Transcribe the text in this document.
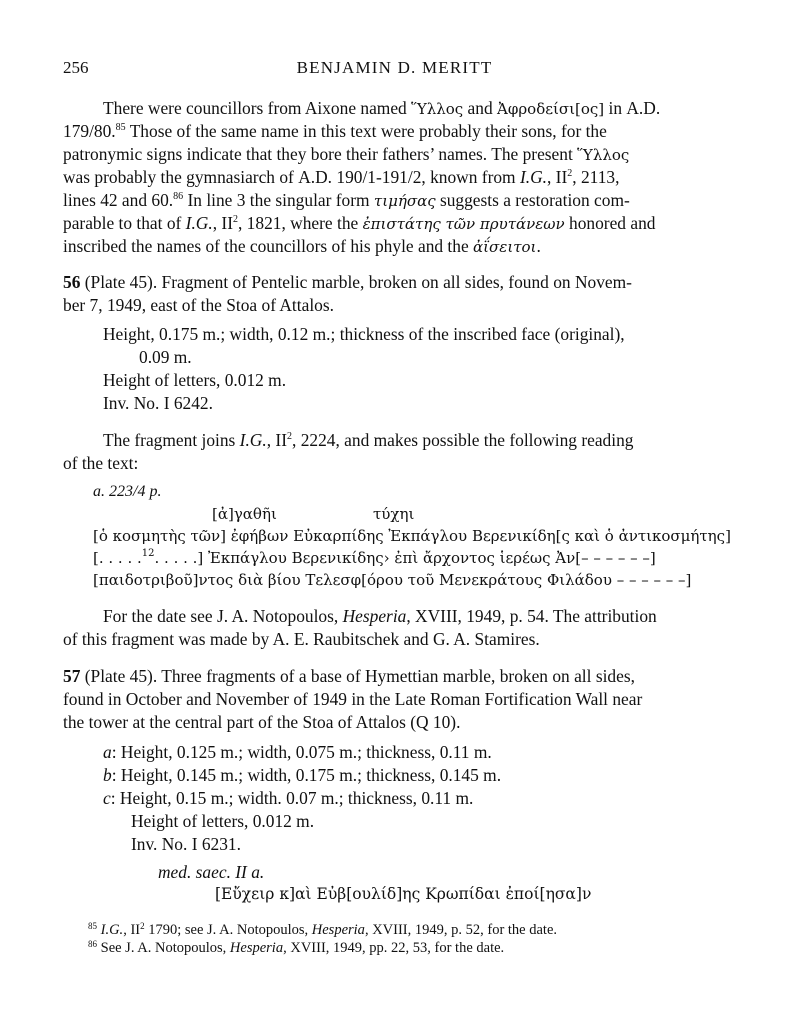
256	BENJAMIN D. MERITT
There were councillors from Aixone named Ὕλλος and Ἀφροδείσι[ος] in A.D.
179/80.85 Those of the same name in this text were probably their sons, for the
patronymic signs indicate that they bore their fathers’ names. The present Ὕλλος
was probably the gymnasiarch of A.D. 190/1-191/2, known from I.G., $II^2$, 2113,
lines 42 and 60.86 In line 3 the singular form τιμήσας suggests a restoration com-
parable to that of I.G., $II^2$, 1821, where the ἐπιστάτης τῶν πρυτάνεων honored and
inscribed the names of the councillors of his phyle and the ἀΐσειτοι.
56 (Plate 45). Fragment of Pentelic marble, broken on all sides, found on Novem-
ber 7, 1949, east of the Stoa of Attalos.
Height, 0.175 m.; width, 0.12 m.; thickness of the inscribed face (original),
0.09 m.
Height of letters, 0.012 m.
Inv. No. I 6242.
The fragment joins I.G., $II^2$, 2224, and makes possible the following reading
of the text:
a. 223/4 p.
[ἀ]γαθῆι	τύχηι
[ὁ κοσμητὴς τῶν] ἐφήβων Εὐκαρπίδης Ἐκπάγλου Βερενικίδη[ς καὶ ὁ ἀντικοσμήτης]
[. . . . .$^{12}$. . . . .] Ἐκπάγλου Βερενικίδης› ἐπὶ ἄρχοντος ἱερέως Ἀν[– – – – – –]
[παιδοτριβοῦ]ντος διὰ βίου Τελεσφ[όρου τοῦ Μενεκράτους Φιλάδου – – – – – –]
For the date see J. A. Notopoulos, Hesperia, XVIII, 1949, p. 54. The attribution
of this fragment was made by A. E. Raubitschek and G. A. Stamires.
57 (Plate 45). Three fragments of a base of Hymettian marble, broken on all sides,
found in October and November of 1949 in the Late Roman Fortification Wall near
the tower at the central part of the Stoa of Attalos (Q 10).
a: Height, 0.125 m.; width, 0.075 m.; thickness, 0.11 m.
b: Height, 0.145 m.; width, 0.175 m.; thickness, 0.145 m.
c: Height, 0.15 m.; width. 0.07 m.; thickness, 0.11 m.
Height of letters, 0.012 m.
Inv. No. I 6231.
med. saec. II a.
[Εὔχειρ κ]αὶ Εὐβ[ουλίδ]ης Κρωπίδαι ἐποί[ησα]ν
$^{85}$ I.G., $II^2$ 1790; see J. A. Notopoulos, Hesperia, XVIII, 1949, p. 52, for the date.
$^{86}$ See J. A. Notopoulos, Hesperia, XVIII, 1949, pp. 22, 53, for the date.
